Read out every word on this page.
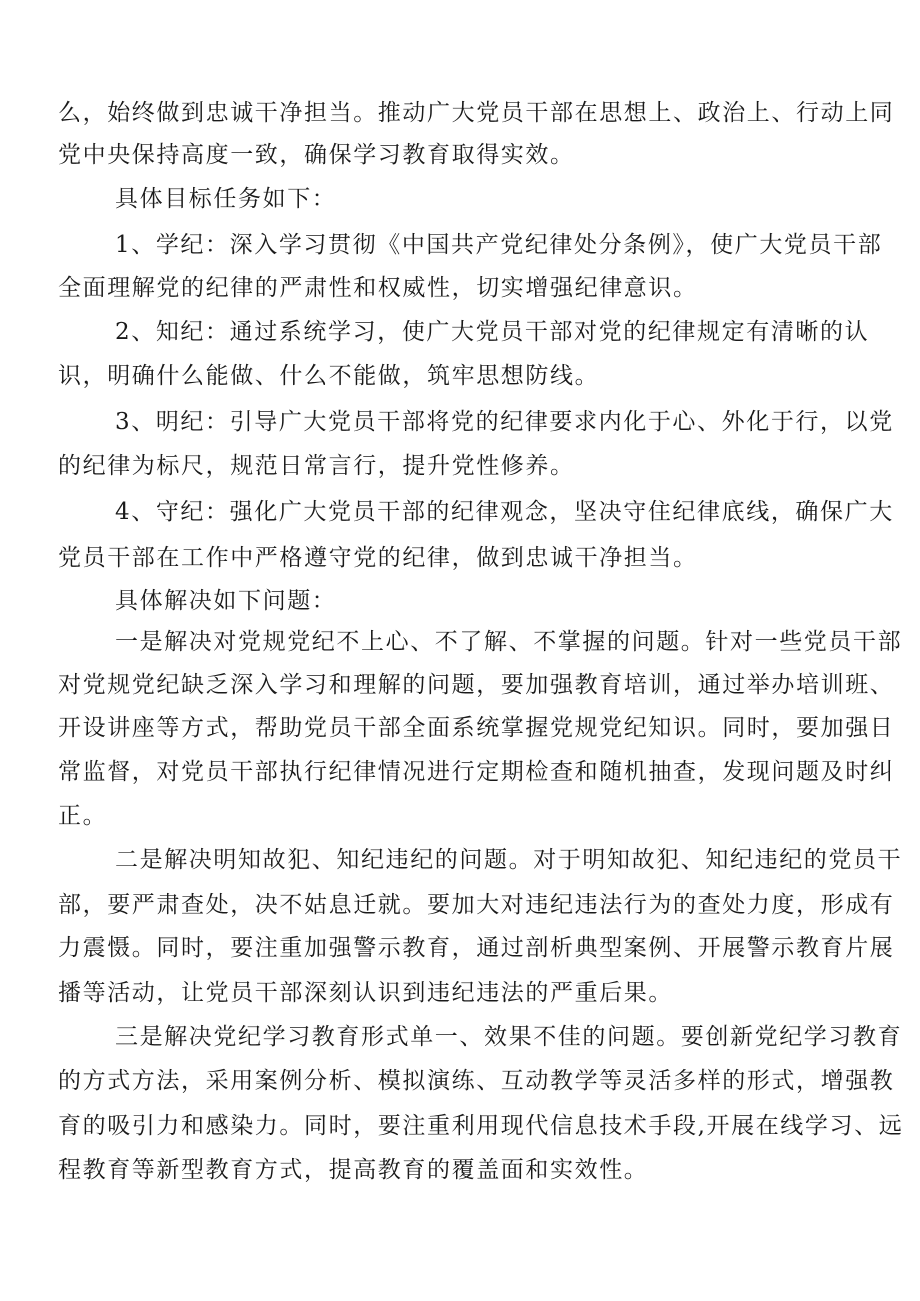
么，始终做到忠诚干净担当。推动广大党员干部在思想上、政治上、行动上同
党中央保持高度一致，确保学习教育取得实效。
具体目标任务如下：
1、学纪：深入学习贯彻《中国共产党纪律处分条例》，使广大党员干部
全面理解党的纪律的严肃性和权威性，切实增强纪律意识。
2、知纪：通过系统学习，使广大党员干部对党的纪律规定有清晰的认
识，明确什么能做、什么不能做，筑牢思想防线。
3、明纪：引导广大党员干部将党的纪律要求内化于心、外化于行，以党
的纪律为标尺，规范日常言行，提升党性修养。
4、守纪：强化广大党员干部的纪律观念，坚决守住纪律底线，确保广大
党员干部在工作中严格遵守党的纪律，做到忠诚干净担当。
具体解决如下问题：
一是解决对党规党纪不上心、不了解、不掌握的问题。针对一些党员干部
对党规党纪缺乏深入学习和理解的问题，要加强教育培训，通过举办培训班、
开设讲座等方式，帮助党员干部全面系统掌握党规党纪知识。同时，要加强日
常监督，对党员干部执行纪律情况进行定期检查和随机抽查，发现问题及时纠
正。
二是解决明知故犯、知纪违纪的问题。对于明知故犯、知纪违纪的党员干
部，要严肃查处，决不姑息迁就。要加大对违纪违法行为的查处力度，形成有
力震慑。同时，要注重加强警示教育，通过剖析典型案例、开展警示教育片展
播等活动，让党员干部深刻认识到违纪违法的严重后果。
三是解决党纪学习教育形式单一、效果不佳的问题。要创新党纪学习教育
的方式方法，采用案例分析、模拟演练、互动教学等灵活多样的形式，增强教
育的吸引力和感染力。同时，要注重利用现代信息技术手段,开展在线学习、远
程教育等新型教育方式，提高教育的覆盖面和实效性。
